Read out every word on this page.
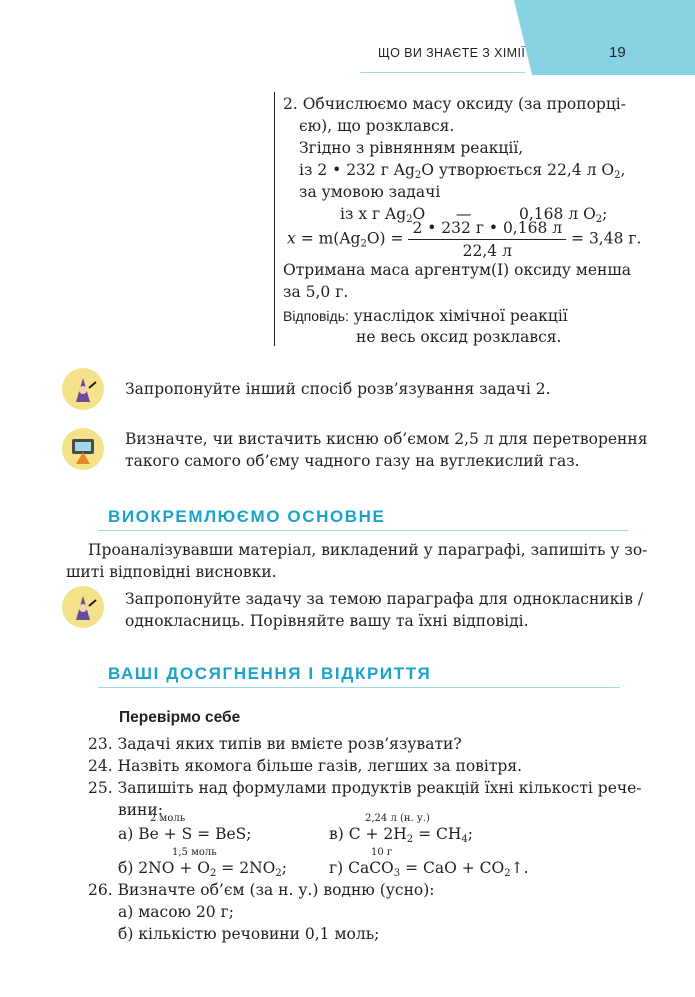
ЩО ВИ ЗНАЄТЕ З ХІМІЇ	19
2. Обчислюємо масу оксиду (за пропорці-
єю), що розклався.
Згідно з рівнянням реакції,
із 2 • 232 г $Ag_2O$ утворюється 22,4 л $O_2$,
за умовою задачі
із x г $Ag_2O$ —	0,168 л $O_2$;
$x = m(Ag_2O) = \frac{2 • 232 г • 0,168 л}{22,4 л} = 3,48$ г.
Отримана маса аргентум(I) оксиду менша
за 5,0 г.
Відповідь: унаслідок хімічної реакції
не весь оксид розклався.
Запропонуйте інший спосіб розв’язування задачі 2.
Визначте, чи вистачить кисню об’ємом 2,5 л для перетворення
такого самого об’єму чадного газу на вуглекислий газ.
ВИОКРЕМЛЮЄМО ОСНОВНЕ
Проаналізувавши матеріал, викладений у параграфі, запишіть у зо-
шиті відповідні висновки.
Запропонуйте задачу за темою параграфа для однокласників /
однокласниць. Порівняйте вашу та їхні відповіді.
ВАШІ ДОСЯГНЕННЯ І ВІДКРИТТЯ
Перевірмо себе
23. Задачі яких типів ви вмієте розв’язувати?
24. Назвіть якомога більше газів, легших за повітря.
25. Запишіть над формулами продуктів реакцій їхні кількості рече-
вини:
2 моль
а) Be + S = BeS;
2,24 л (н. у.)
в) $C + 2H_2 = CH_4$;
1,5 моль
б) $2NO + O_2 = 2NO_2$;
10 г
г) CaCO$_3$ = CaO + $CO_2↑$.
26. Визначте об’єм (за н. у.) водню (усно):
а) масою 20 г;
б) кількістю речовини 0,1 моль;
